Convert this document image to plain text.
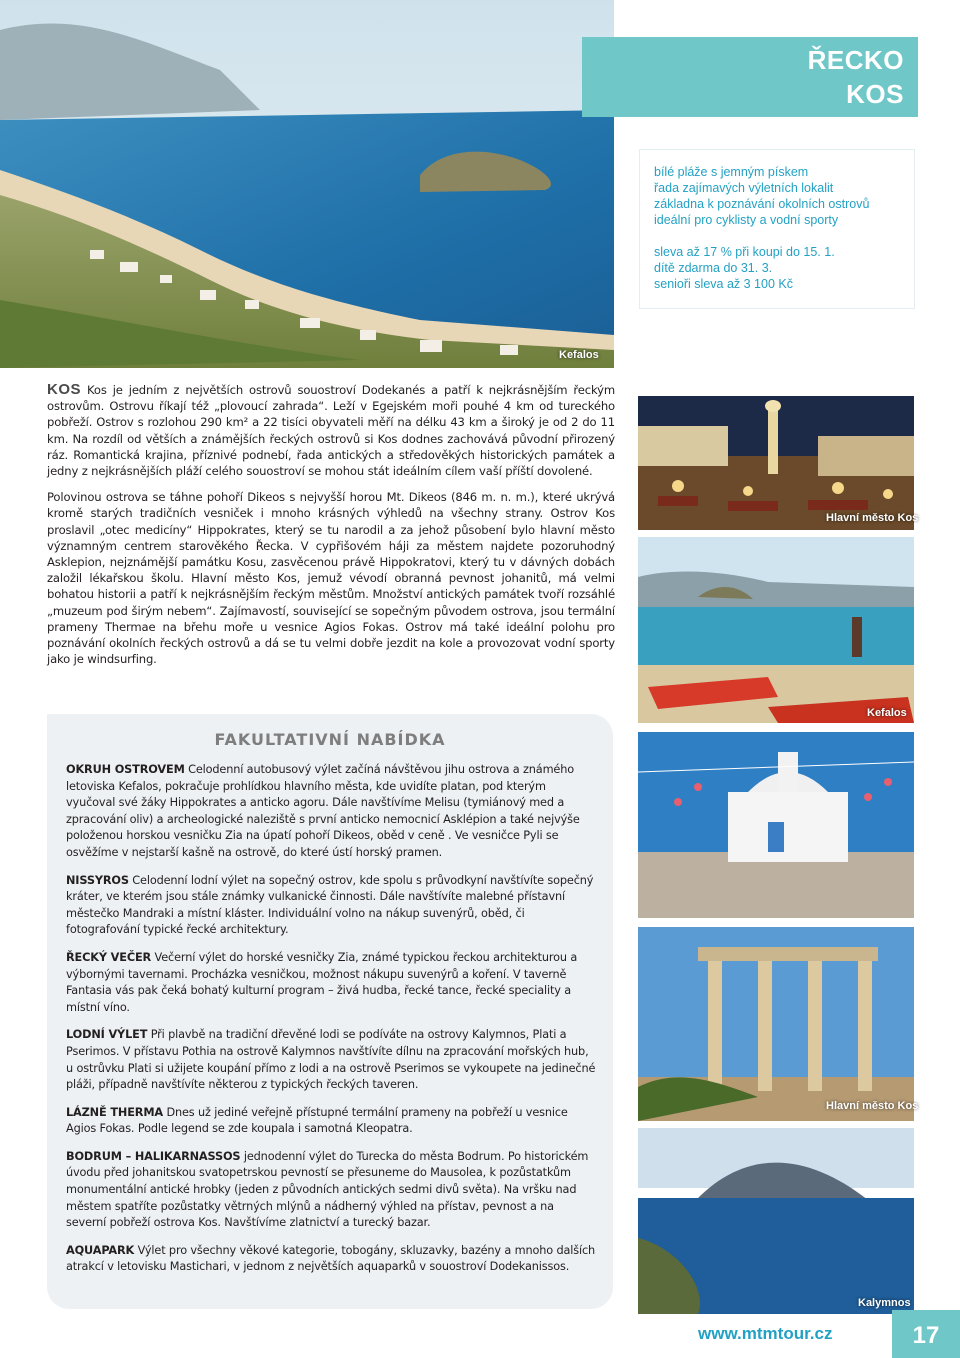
Kefalos
ŘECKO
KOS
bílé pláže s jemným pískem
řada zajímavých výletních lokalit
základna k poznávání okolních ostrovů
ideální pro cyklisty a vodní sporty
sleva až 17 % při koupi do 15. 1.
dítě zdarma do 31. 3.
senioři sleva až 3 100 Kč

KOS Kos je jedním z největších ostrovů souostroví Dodekanés a patří k nejkrásnějším řeckým ostrovům. Ostrovu říkají též „plovoucí zahrada“. Leží v Egejském moři pouhé 4 km od tureckého pobřeží. Ostrov s rozlohou 290 km² a 22 tisíci obyvateli měří na délku 43 km a široký je od 2 do 11 km. Na rozdíl od větších a známějších řeckých ostrovů si Kos dodnes zachovává původní přirozený ráz. Romantická krajina, příznivé podnebí, řada antických a středověkých historických památek a jedny z nejkrásnějších pláží celého souostroví se mohou stát ideálním cílem vaší příští dovolené.

Polovinou ostrova se táhne pohoří Dikeos s nejvyšší horou Mt. Dikeos (846 m. n. m.), které ukrývá kromě starých tradičních vesniček i mnoho krásných výhledů na všechny strany. Ostrov Kos proslavil „otec medicíny“ Hippokrates, který se tu narodil a za jehož působení bylo hlavní město významným centrem starověkého Řecka. V cypřišovém háji za městem najdete pozoruhodný Asklepion, nejznámější památku Kosu, zasvěcenou právě Hippokratovi, který tu v dávných dobách založil lékařskou školu. Hlavní město Kos, jemuž vévodí obranná pevnost johanitů, má velmi bohatou historii a patří k nejkrásnějším řeckým městům. Množství antických památek tvoří rozsáhlé „muzeum pod širým nebem“. Zajímavostí, související se sopečným původem ostrova, jsou termální prameny Thermae na břehu moře u vesnice Agios Fokas. Ostrov má také ideální polohu pro poznávání okolních řeckých ostrovů a dá se tu velmi dobře jezdit na kole a provozovat vodní sporty jako je windsurfing.

Hlavní město Kos
Kefalos
Hlavní město Kos
Kalymnos
FAKULTATIVNÍ NABÍDKA
OKRUH OSTROVEM Celodenní autobusový výlet začíná návštěvou jihu ostrova a známého letoviska Kefalos, pokračuje prohlídkou hlavního města, kde uvidíte platan, pod kterým vyučoval své žáky Hippokrates a anticko agoru. Dále navštívíme Melisu (tymiánový med a zpracování oliv) a archeologické naleziště s první anticko nemocnicí Asklépion a také nejvýše položenou horskou vesničku Zia na úpatí pohoří Dikeos, oběd v ceně . Ve vesničce Pyli se osvěžíme v nejstarší kašně na ostrově, do které ústí horský pramen.
NISSYROS Celodenní lodní výlet na sopečný ostrov, kde spolu s průvodkyní navštívíte sopečný kráter, ve kterém jsou stále známky vulkanické činnosti. Dále navštívíte malebné přístavní městečko Mandraki a místní kláster. Individuální volno na nákup suvenýrů, oběd, či fotografování typické řecké architektury.
ŘECKÝ VEČER Večerní výlet do horské vesničky Zia, známé typickou řeckou architekturou a výbornými tavernami. Procházka vesničkou, možnost nákupu suvenýrů a koření. V taverně Fantasia vás pak čeká bohatý kulturní program – živá hudba, řecké tance, řecké speciality a místní víno.
LODNÍ VÝLET Při plavbě na tradiční dřevěné lodi se podíváte na ostrovy Kalymnos, Plati a Pserimos. V přístavu Pothia na ostrově Kalymnos navštívíte dílnu na zpracování mořských hub, u ostrůvku Plati si užijete koupání přímo z lodi a na ostrově Pserimos se vykoupete na jedinečné pláži, případně navštívíte některou z typických řeckých taveren.
LÁZNĚ THERMA Dnes už jediné veřejně přístupné termální prameny na pobřeží u vesnice Agios Fokas. Podle legend se zde koupala i samotná Kleopatra.
BODRUM – HALIKARNASSOS jednodenní výlet do Turecka do města Bodrum. Po historickém úvodu před johanitskou svatopetrskou pevností se přesuneme do Mausolea, k pozůstatkům monumentální antické hrobky (jeden z původních antických sedmi divů světa). Na vršku nad městem spatříte pozůstatky větrných mlýnů a nádherný výhled na přístav, pevnost a na severní pobřeží ostrova Kos. Navštívíme zlatnictví a turecký bazar.
AQUAPARK Výlet pro všechny věkové kategorie, tobogány, skluzavky, bazény a mnoho dalších atrakcí v letovisku Mastichari, v jednom z největších aquaparků v souostroví Dodekanissos.
www.mtmtour.cz	17
